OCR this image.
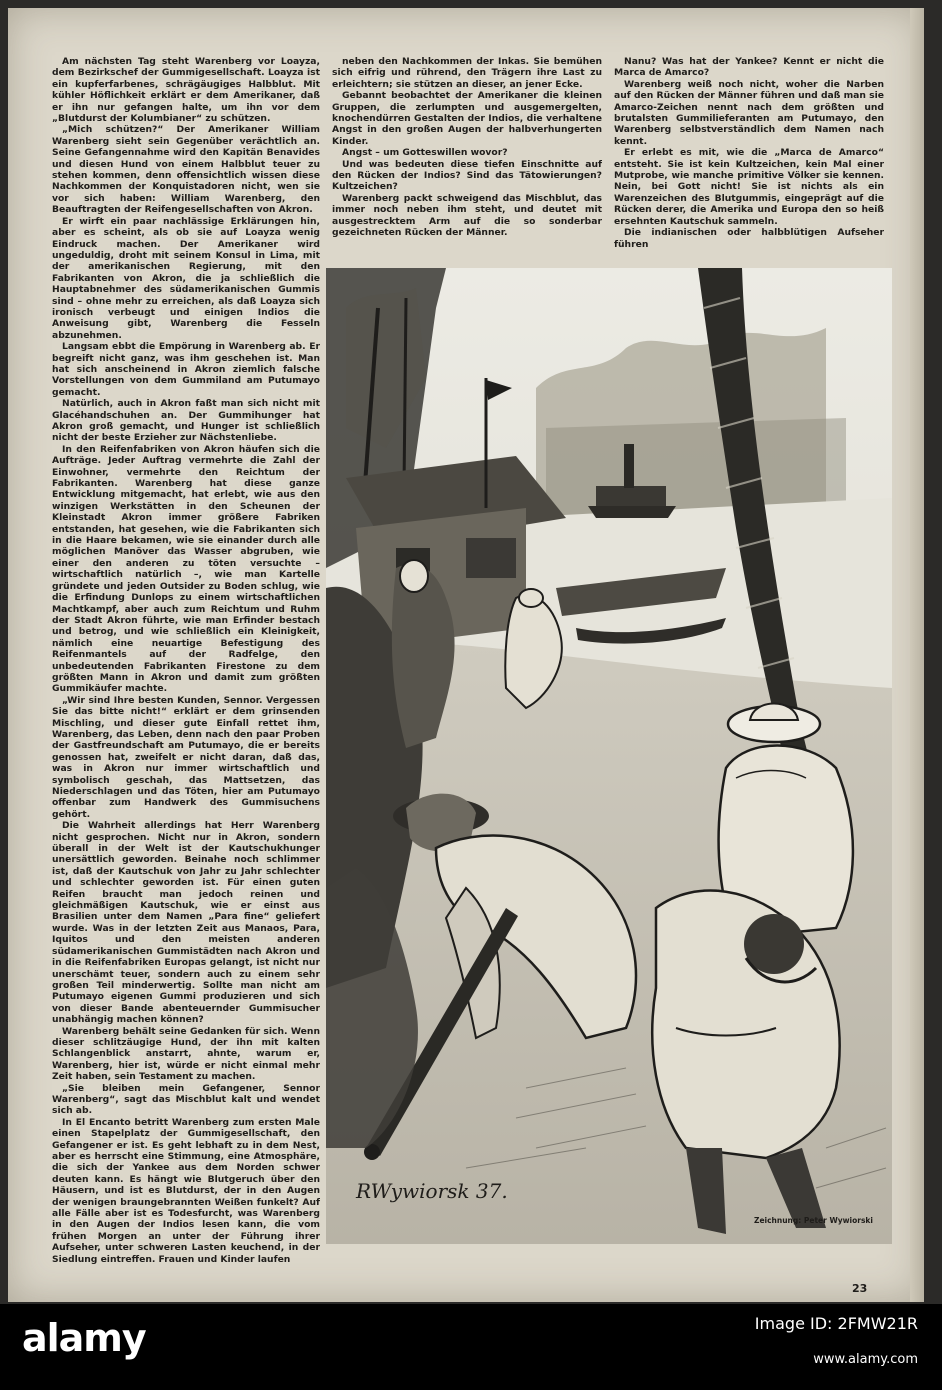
Am nächsten Tag steht Warenberg vor Loayza, dem Bezirkschef der Gummigesellschaft. Loayza ist ein kupferfarbenes, schrägäugiges Halbblut. Mit kühler Höflichkeit erklärt er dem Amerikaner, daß er ihn nur gefangen halte, um ihn vor dem „Blutdurst der Kolumbianer“ zu schützen.

„Mich schützen?“ Der Amerikaner William Warenberg sieht sein Gegenüber verächtlich an. Seine Gefangennahme wird den Kapitän Benavides und diesen Hund von einem Halbblut teuer zu stehen kommen, denn offensichtlich wissen diese Nachkommen der Konquistadoren nicht, wen sie vor sich haben: William Warenberg, den Beauftragten der Reifengesellschaften von Akron.

Er wirft ein paar nachlässige Erklärungen hin, aber es scheint, als ob sie auf Loayza wenig Eindruck machen. Der Amerikaner wird ungeduldig, droht mit seinem Konsul in Lima, mit der amerikanischen Regierung, mit den Fabrikanten von Akron, die ja schließlich die Hauptabnehmer des südamerikanischen Gummis sind – ohne mehr zu erreichen, als daß Loayza sich ironisch verbeugt und einigen Indios die Anweisung gibt, Warenberg die Fesseln abzunehmen.

Langsam ebbt die Empörung in Warenberg ab. Er begreift nicht ganz, was ihm geschehen ist. Man hat sich anscheinend in Akron ziemlich falsche Vorstellungen von dem Gummiland am Putumayo gemacht.

Natürlich, auch in Akron faßt man sich nicht mit Glacéhandschuhen an. Der Gummihunger hat Akron groß gemacht, und Hunger ist schließlich nicht der beste Erzieher zur Nächstenliebe.

In den Reifenfabriken von Akron häufen sich die Aufträge. Jeder Auftrag vermehrte die Zahl der Einwohner, vermehrte den Reichtum der Fabrikanten. Warenberg hat diese ganze Entwicklung mitgemacht, hat erlebt, wie aus den winzigen Werkstätten in den Scheunen der Kleinstadt Akron immer größere Fabriken entstanden, hat gesehen, wie die Fabrikanten sich in die Haare bekamen, wie sie einander durch alle möglichen Manöver das Wasser abgruben, wie einer den anderen zu töten versuchte – wirtschaftlich natürlich –, wie man Kartelle gründete und jeden Outsider zu Boden schlug, wie die Erfindung Dunlops zu einem wirtschaftlichen Machtkampf, aber auch zum Reichtum und Ruhm der Stadt Akron führte, wie man Erfinder bestach und betrog, und wie schließlich ein Kleinigkeit, nämlich eine neuartige Befestigung des Reifenmantels auf der Radfelge, den unbedeutenden Fabrikanten Firestone zu dem größten Mann in Akron und damit zum größten Gummikäufer machte.

„Wir sind Ihre besten Kunden, Sennor. Vergessen Sie das bitte nicht!“ erklärt er dem grinsenden Mischling, und dieser gute Einfall rettet ihm, Warenberg, das Leben, denn nach den paar Proben der Gastfreundschaft am Putumayo, die er bereits genossen hat, zweifelt er nicht daran, daß das, was in Akron nur immer wirtschaftlich und symbolisch geschah, das Mattsetzen, das Niederschlagen und das Töten, hier am Putumayo offenbar zum Handwerk des Gummisuchens gehört.

Die Wahrheit allerdings hat Herr Warenberg nicht gesprochen. Nicht nur in Akron, sondern überall in der Welt ist der Kautschukhunger unersättlich geworden. Beinahe noch schlimmer ist, daß der Kautschuk von Jahr zu Jahr schlechter und schlechter geworden ist. Für einen guten Reifen braucht man jedoch reinen und gleichmäßigen Kautschuk, wie er einst aus Brasilien unter dem Namen „Para fine“ geliefert wurde. Was in der letzten Zeit aus Manaos, Para, Iquitos und den meisten anderen südamerikanischen Gummistädten nach Akron und in die Reifenfabriken Europas gelangt, ist nicht nur unerschämt teuer, sondern auch zu einem sehr großen Teil minderwertig. Sollte man nicht am Putumayo eigenen Gummi produzieren und sich von dieser Bande abenteuernder Gummisucher unabhängig machen können?

Warenberg behält seine Gedanken für sich. Wenn dieser schlitzäugige Hund, der ihn mit kalten Schlangenblick anstarrt, ahnte, warum er, Warenberg, hier ist, würde er nicht einmal mehr Zeit haben, sein Testament zu machen.

„Sie bleiben mein Gefangener, Sennor Warenberg“, sagt das Mischblut kalt und wendet sich ab.

In El Encanto betritt Warenberg zum ersten Male einen Stapelplatz der Gummigesellschaft, den Gefangener er ist. Es geht lebhaft zu in dem Nest, aber es herrscht eine Stimmung, eine Atmosphäre, die sich der Yankee aus dem Norden schwer deuten kann. Es hängt wie Blutgeruch über den Häusern, und ist es Blutdurst, der in den Augen der wenigen braungebrannten Weißen funkelt? Auf alle Fälle aber ist es Todesfurcht, was Warenberg in den Augen der Indios lesen kann, die vom frühen Morgen an unter der Führung ihrer Aufseher, unter schweren Lasten keuchend, in der Siedlung eintreffen. Frauen und Kinder laufen

neben den Nachkommen der Inkas. Sie bemühen sich eifrig und rührend, den Trägern ihre Last zu erleichtern; sie stützen an dieser, an jener Ecke.

Gebannt beobachtet der Amerikaner die kleinen Gruppen, die zerlumpten und ausgemergelten, knochendürren Gestalten der Indios, die verhaltene Angst in den großen Augen der halbverhungerten Kinder.

Angst – um Gotteswillen wovor?

Und was bedeuten diese tiefen Einschnitte auf den Rücken der Indios? Sind das Tätowierungen? Kultzeichen?

Warenberg packt schweigend das Mischblut, das immer noch neben ihm steht, und deutet mit ausgestrecktem Arm auf die so sonderbar gezeichneten Rücken der Männer.

Nanu? Was hat der Yankee? Kennt er nicht die Marca de Amarco?

Warenberg weiß noch nicht, woher die Narben auf den Rücken der Männer führen und daß man sie Amarco-Zeichen nennt nach dem größten und brutalsten Gummilieferanten am Putumayo, den Warenberg selbstverständlich dem Namen nach kennt.

Er erlebt es mit, wie die „Marca de Amarco“ entsteht. Sie ist kein Kultzeichen, kein Mal einer Mutprobe, wie manche primitive Völker sie kennen. Nein, bei Gott nicht! Sie ist nichts als ein Warenzeichen des Blutgummis, eingeprägt auf die Rücken derer, die Amerika und Europa den so heiß ersehnten Kautschuk sammeln.

Die indianischen oder halbblütigen Aufseher führen

RWywiorsk 37.
Zeichnung: Peter Wywiorski
23
alamy	Image ID: 2FMW21R
www.alamy.com
